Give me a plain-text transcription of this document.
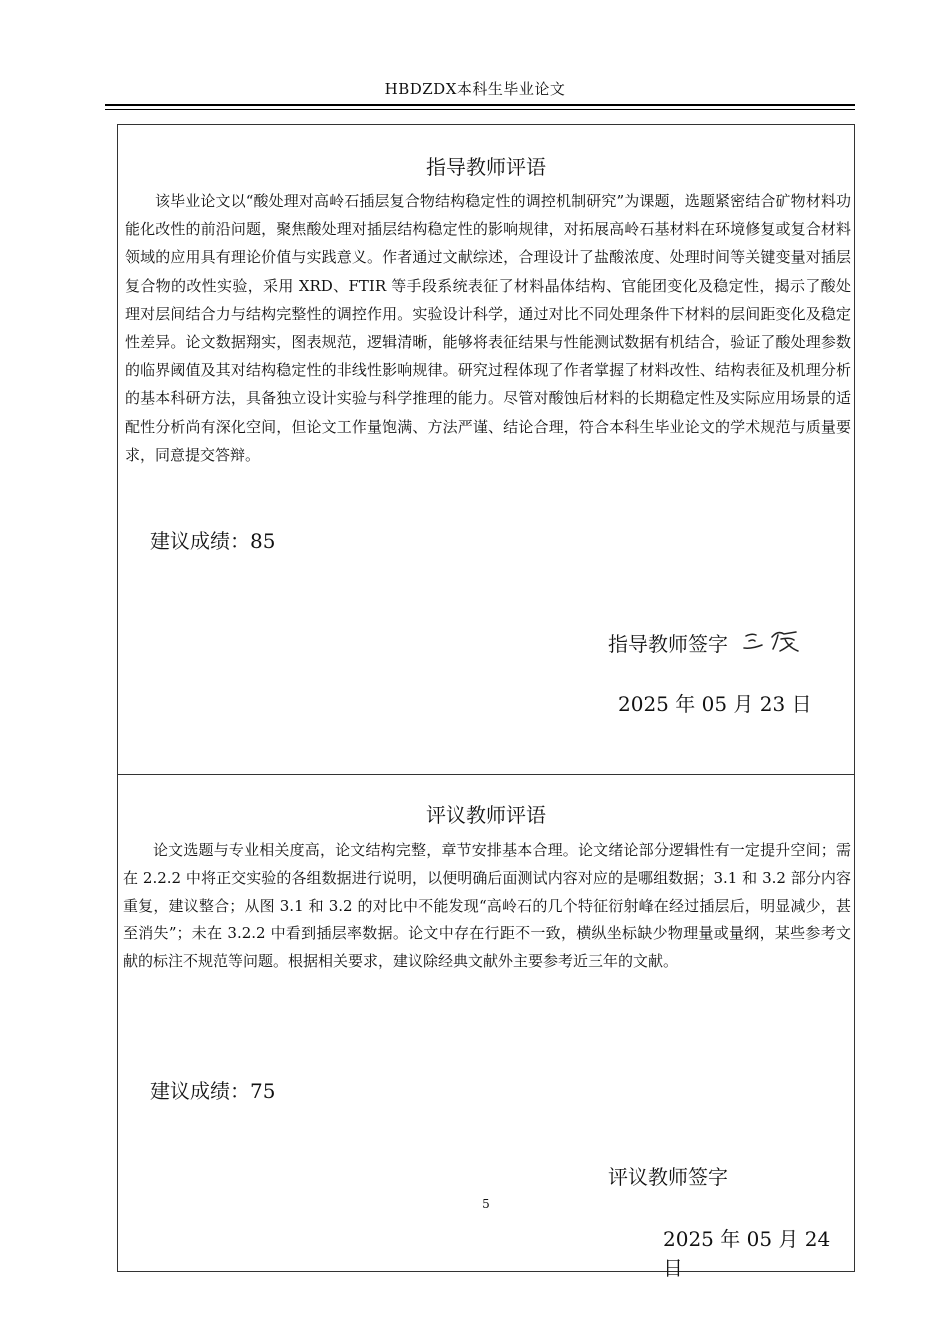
HBDZDX本科生毕业论文
指导教师评语

该毕业论文以“酸处理对高岭石插层复合物结构稳定性的调控机制研究”为课题，选题紧密结合矿物材料功能化改性的前沿问题，聚焦酸处理对插层结构稳定性的影响规律，对拓展高岭石基材料在环境修复或复合材料领域的应用具有理论价值与实践意义。作者通过文献综述，合理设计了盐酸浓度、处理时间等关键变量对插层复合物的改性实验，采用 XRD、FTIR 等手段系统表征了材料晶体结构、官能团变化及稳定性，揭示了酸处理对层间结合力与结构完整性的调控作用。实验设计科学，通过对比不同处理条件下材料的层间距变化及稳定性差异。论文数据翔实，图表规范，逻辑清晰，能够将表征结果与性能测试数据有机结合，验证了酸处理参数的临界阈值及其对结构稳定性的非线性影响规律。研究过程体现了作者掌握了材料改性、结构表征及机理分析的基本科研方法，具备独立设计实验与科学推理的能力。尽管对酸蚀后材料的长期稳定性及实际应用场景的适配性分析尚有深化空间，但论文工作量饱满、方法严谨、结论合理，符合本科生毕业论文的学术规范与质量要求，同意提交答辩。

建议成绩：85
指导教师签字
2025 年 05 月 23 日
评议教师评语

论文选题与专业相关度高，论文结构完整，章节安排基本合理。论文绪论部分逻辑性有一定提升空间；需在 2.2.2 中将正交实验的各组数据进行说明，以便明确后面测试内容对应的是哪组数据；3.1 和 3.2 部分内容重复，建议整合；从图 3.1 和 3.2 的对比中不能发现“高岭石的几个特征衍射峰在经过插层后，明显减少，甚至消失”；未在 3.2.2 中看到插层率数据。论文中存在行距不一致，横纵坐标缺少物理量或量纲，某些参考文献的标注不规范等问题。根据相关要求，建议除经典文献外主要参考近三年的文献。

建议成绩：75
评议教师签字
2025 年 05 月 24 日
5
